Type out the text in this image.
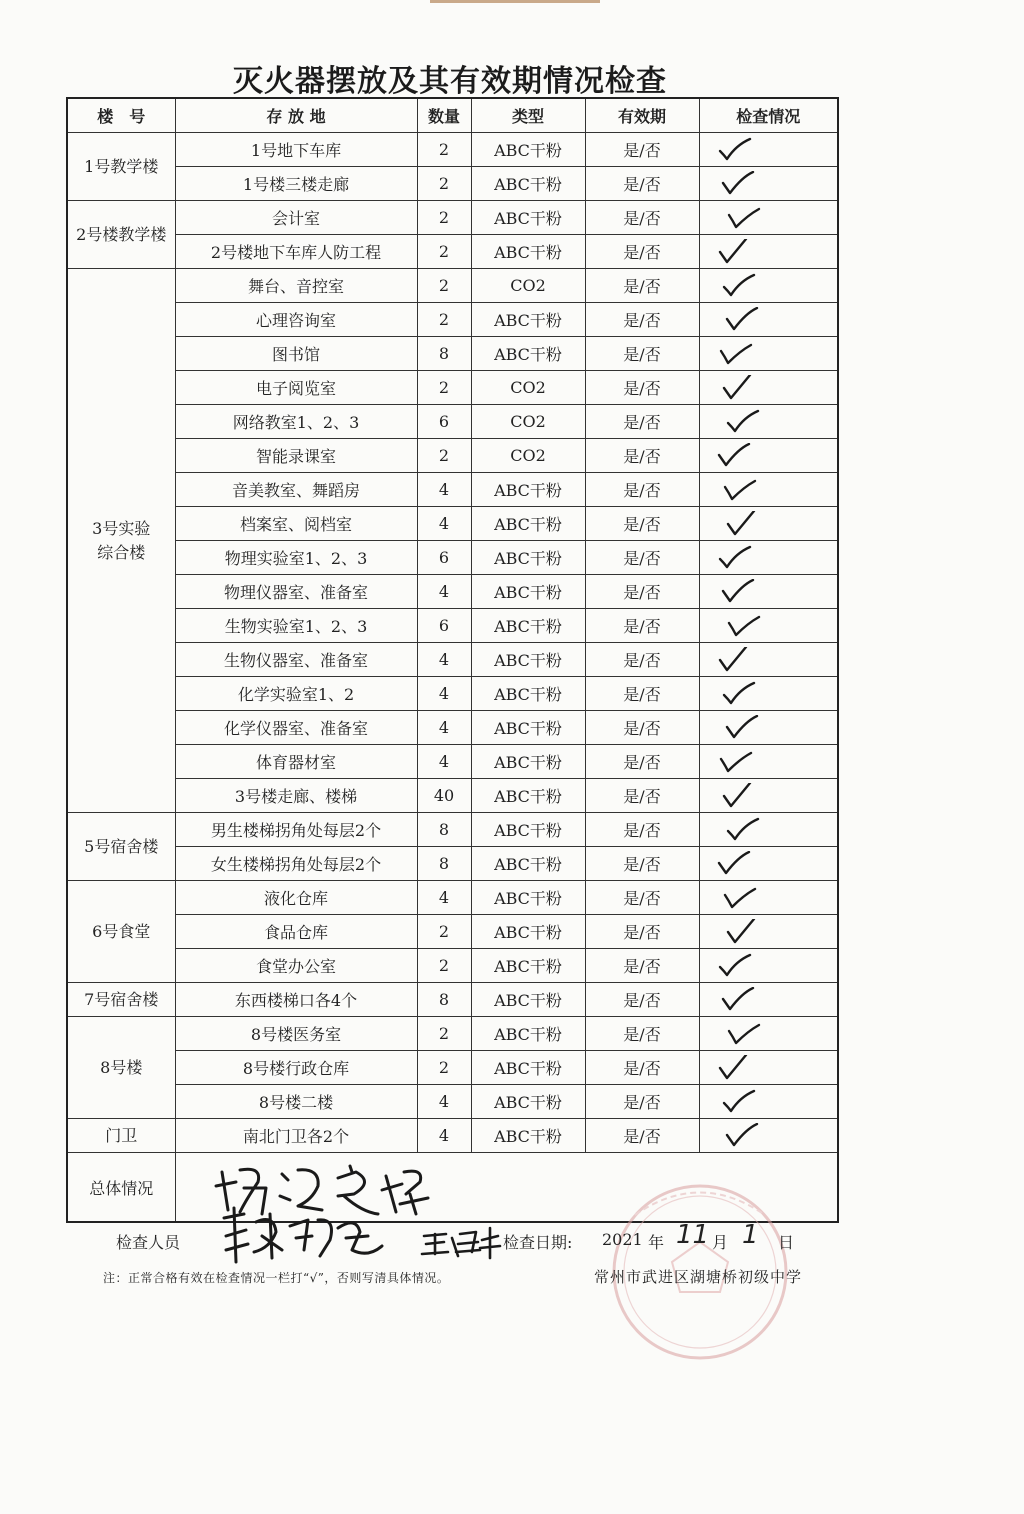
灭火器摆放及其有效期情况检查
楼　号	存 放 地	数量	类型	有效期	检查情况
1号教学楼	1号地下车库	2	ABC干粉	是/否	

	1号楼三楼走廊	2	ABC干粉	是/否	

2号楼教学楼	会计室	2	ABC干粉	是/否	

	2号楼地下车库人防工程	2	ABC干粉	是/否	

3号实验
综合楼	舞台、音控室	2	CO2	是/否	

	心理咨询室	2	ABC干粉	是/否	

	图书馆	8	ABC干粉	是/否	

	电子阅览室	2	CO2	是/否	

	网络教室1、2、3	6	CO2	是/否	

	智能录课室	2	CO2	是/否	

	音美教室、舞蹈房	4	ABC干粉	是/否	

	档案室、阅档室	4	ABC干粉	是/否	

	物理实验室1、2、3	6	ABC干粉	是/否	

	物理仪器室、准备室	4	ABC干粉	是/否	

	生物实验室1、2、3	6	ABC干粉	是/否	

	生物仪器室、准备室	4	ABC干粉	是/否	

	化学实验室1、2	4	ABC干粉	是/否	

	化学仪器室、准备室	4	ABC干粉	是/否	

	体育器材室	4	ABC干粉	是/否	

	3号楼走廊、楼梯	40	ABC干粉	是/否	

5号宿舍楼	男生楼梯拐角处每层2个	8	ABC干粉	是/否	

	女生楼梯拐角处每层2个	8	ABC干粉	是/否	

6号食堂	液化仓库	4	ABC干粉	是/否	

	食品仓库	2	ABC干粉	是/否	

	食堂办公室	2	ABC干粉	是/否	

7号宿舍楼	东西楼梯口各4个	8	ABC干粉	是/否	

8号楼	8号楼医务室	2	ABC干粉	是/否	

	8号楼行政仓库	2	ABC干粉	是/否	

	8号楼二楼	4	ABC干粉	是/否	

门卫	南北门卫各2个	4	ABC干粉	是/否	

总体情况					
检查人员	检查日期: 2021 年 11 月 1 日
注：正常合格有效在检查情况一栏打“√”，否则写清具体情况。	常州市武进区湖塘桥初级中学
